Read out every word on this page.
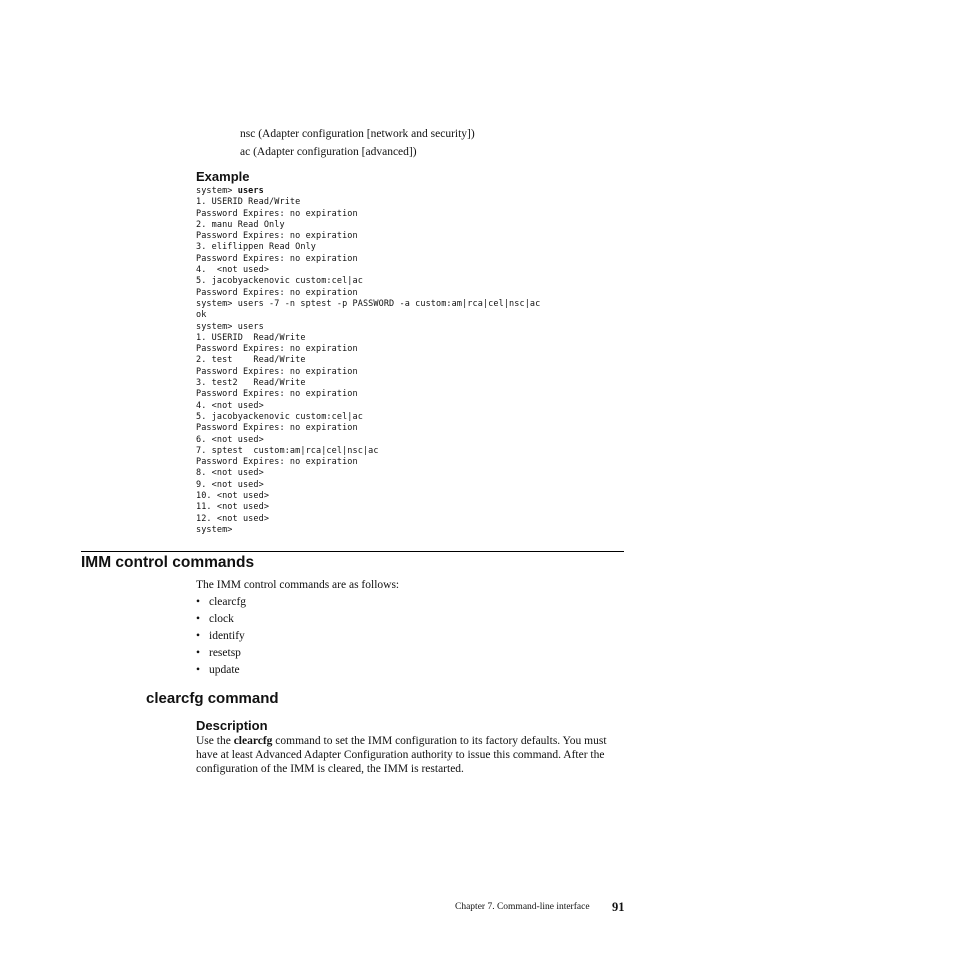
nsc (Adapter configuration [network and security])
ac (Adapter configuration [advanced])
Example
system> users
1. USERID Read/Write
Password Expires: no expiration
2. manu Read Only
Password Expires: no expiration
3. eliflippen Read Only
Password Expires: no expiration
4.  <not used>
5. jacobyackenovic custom:cel|ac
Password Expires: no expiration
system> users -7 -n sptest -p PASSWORD -a custom:am|rca|cel|nsc|ac
ok
system> users
1. USERID  Read/Write
Password Expires: no expiration
2. test    Read/Write
Password Expires: no expiration
3. test2   Read/Write
Password Expires: no expiration
4. <not used>
5. jacobyackenovic custom:cel|ac
Password Expires: no expiration
6. <not used>
7. sptest  custom:am|rca|cel|nsc|ac
Password Expires: no expiration
8. <not used>
9. <not used>
10. <not used>
11. <not used>
12. <not used>
system>
IMM control commands
The IMM control commands are as follows:
• clearcfg
• clock
• identify
• resetsp
• update
clearcfg command
Description
Use the clearcfg command to set the IMM configuration to its factory defaults. You must have at least Advanced Adapter Configuration authority to issue this command. After the configuration of the IMM is cleared, the IMM is restarted.
Chapter 7. Command-line interface 91
